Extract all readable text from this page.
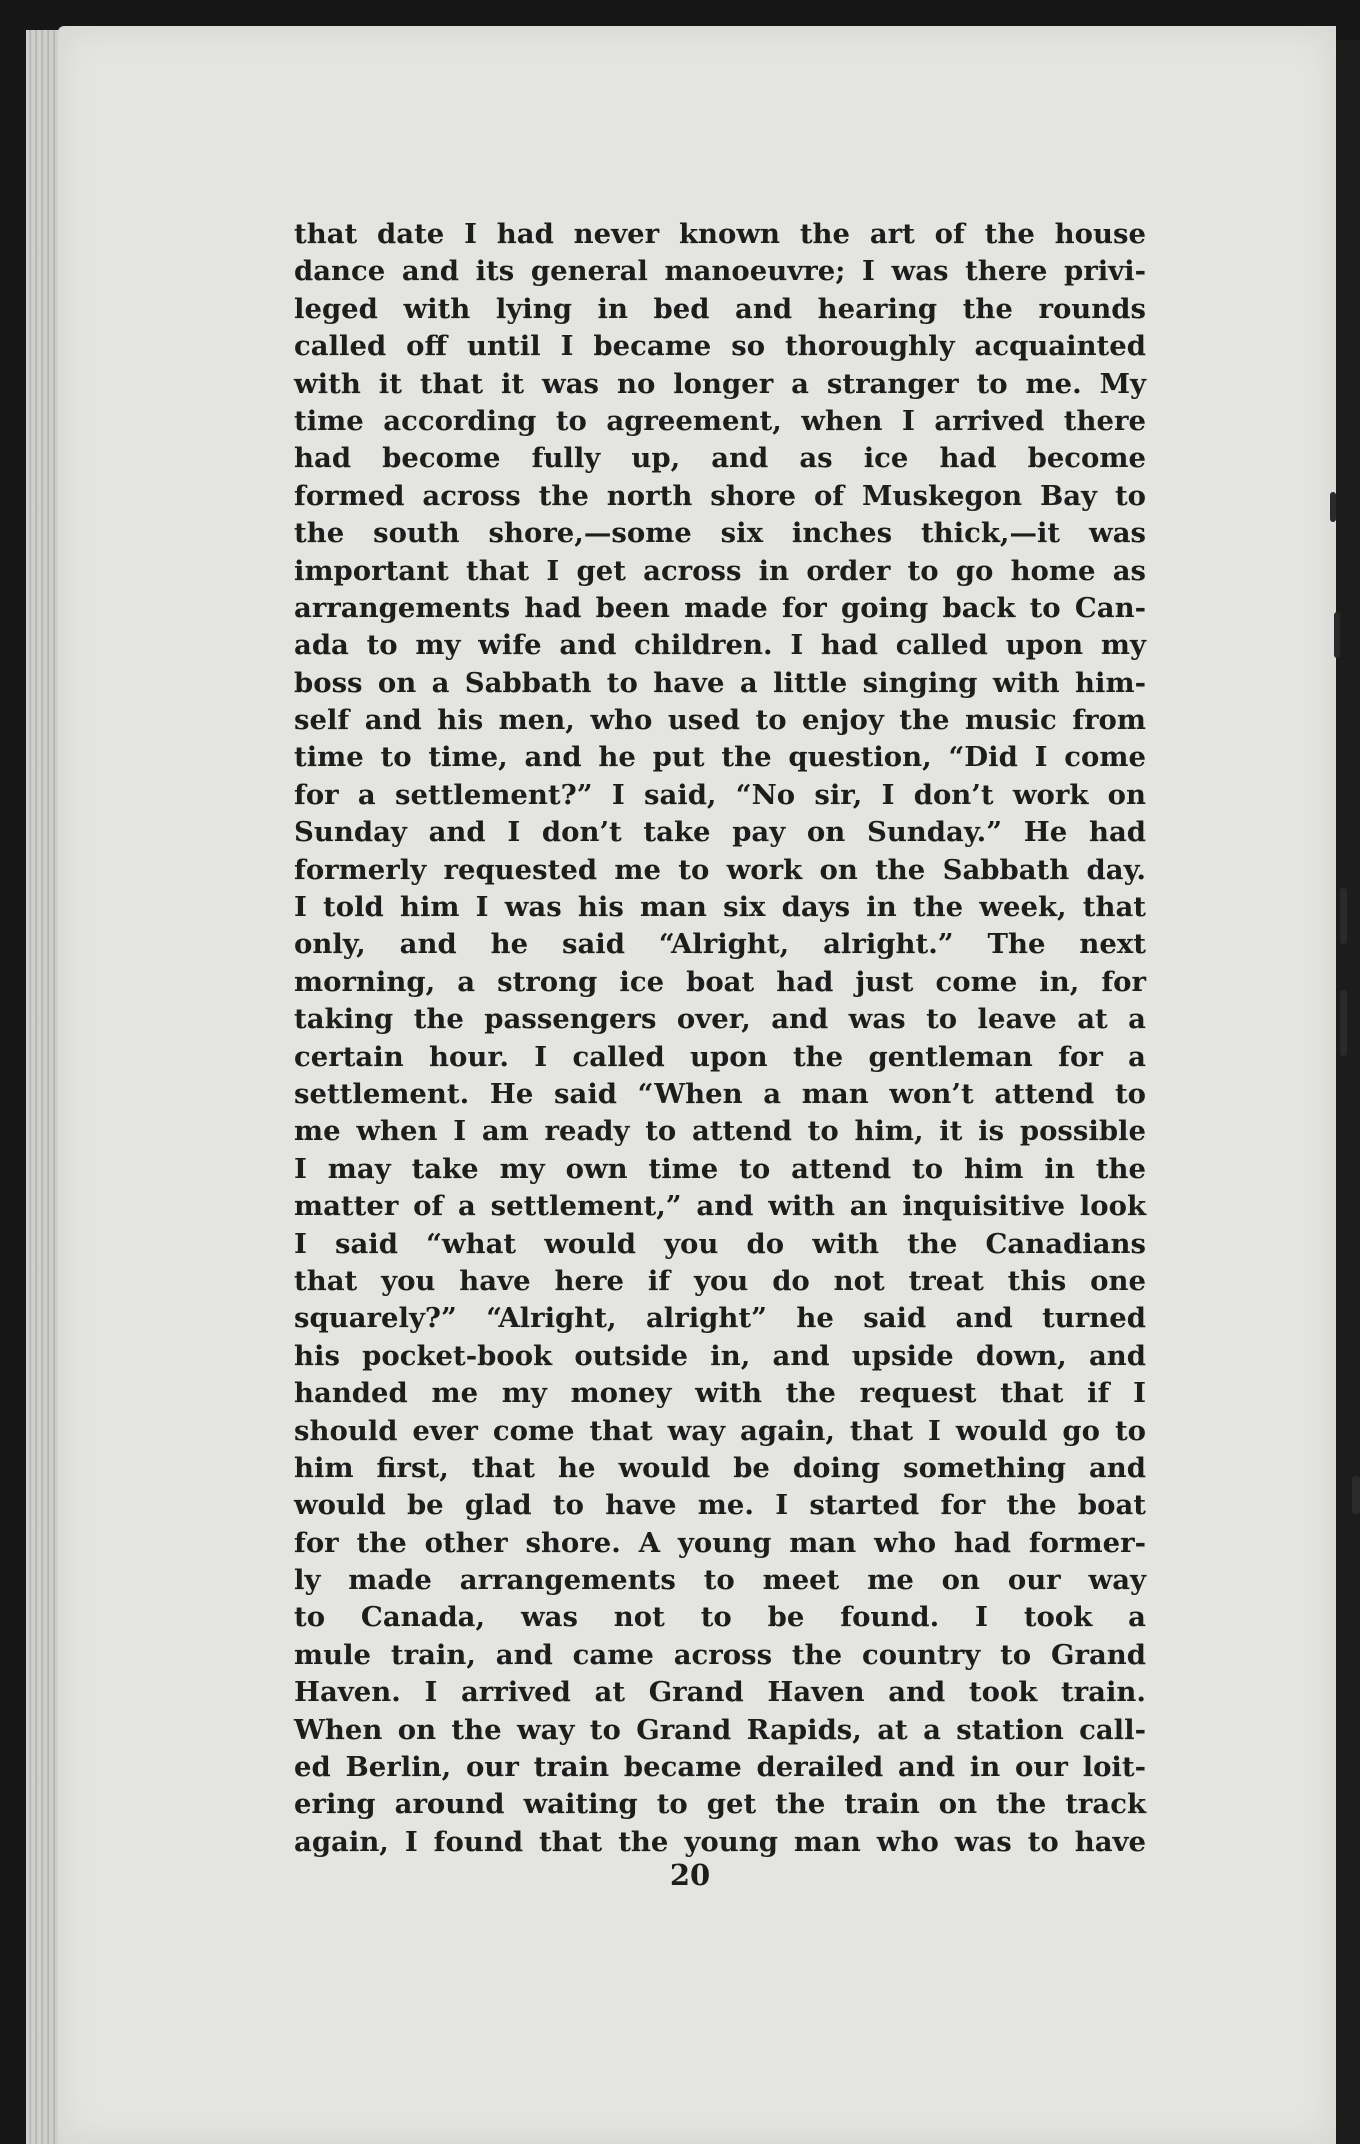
that date I had never known the art of the house
dance and its general manoeuvre; I was there privi-
leged with lying in bed and hearing the rounds
called off until I became so thoroughly acquainted
with it that it was no longer a stranger to me. My
time according to agreement, when I arrived there
had become fully up, and as ice had become
formed across the north shore of Muskegon Bay to
the south shore,—some six inches thick,—it was
important that I get across in order to go home as
arrangements had been made for going back to Can-
ada to my wife and children. I had called upon my
boss on a Sabbath to have a little singing with him-
self and his men, who used to enjoy the music from
time to time, and he put the question, “Did I come
for a settlement?” I said, “No sir, I don’t work on
Sunday and I don’t take pay on Sunday.” He had
formerly requested me to work on the Sabbath day.
I told him I was his man six days in the week, that
only, and he said “Alright, alright.” The next
morning, a strong ice boat had just come in, for
taking the passengers over, and was to leave at a
certain hour. I called upon the gentleman for a
settlement. He said “When a man won’t attend to
me when I am ready to attend to him, it is possible
I may take my own time to attend to him in the
matter of a settlement,” and with an inquisitive look
I said “what would you do with the Canadians
that you have here if you do not treat this one
squarely?” “Alright, alright” he said and turned
his pocket-book outside in, and upside down, and
handed me my money with the request that if I
should ever come that way again, that I would go to
him first, that he would be doing something and
would be glad to have me. I started for the boat
for the other shore. A young man who had former-
ly made arrangements to meet me on our way
to Canada, was not to be found. I took a
mule train, and came across the country to Grand
Haven. I arrived at Grand Haven and took train.
When on the way to Grand Rapids, at a station call-
ed Berlin, our train became derailed and in our loit-
ering around waiting to get the train on the track
again, I found that the young man who was to have
20
